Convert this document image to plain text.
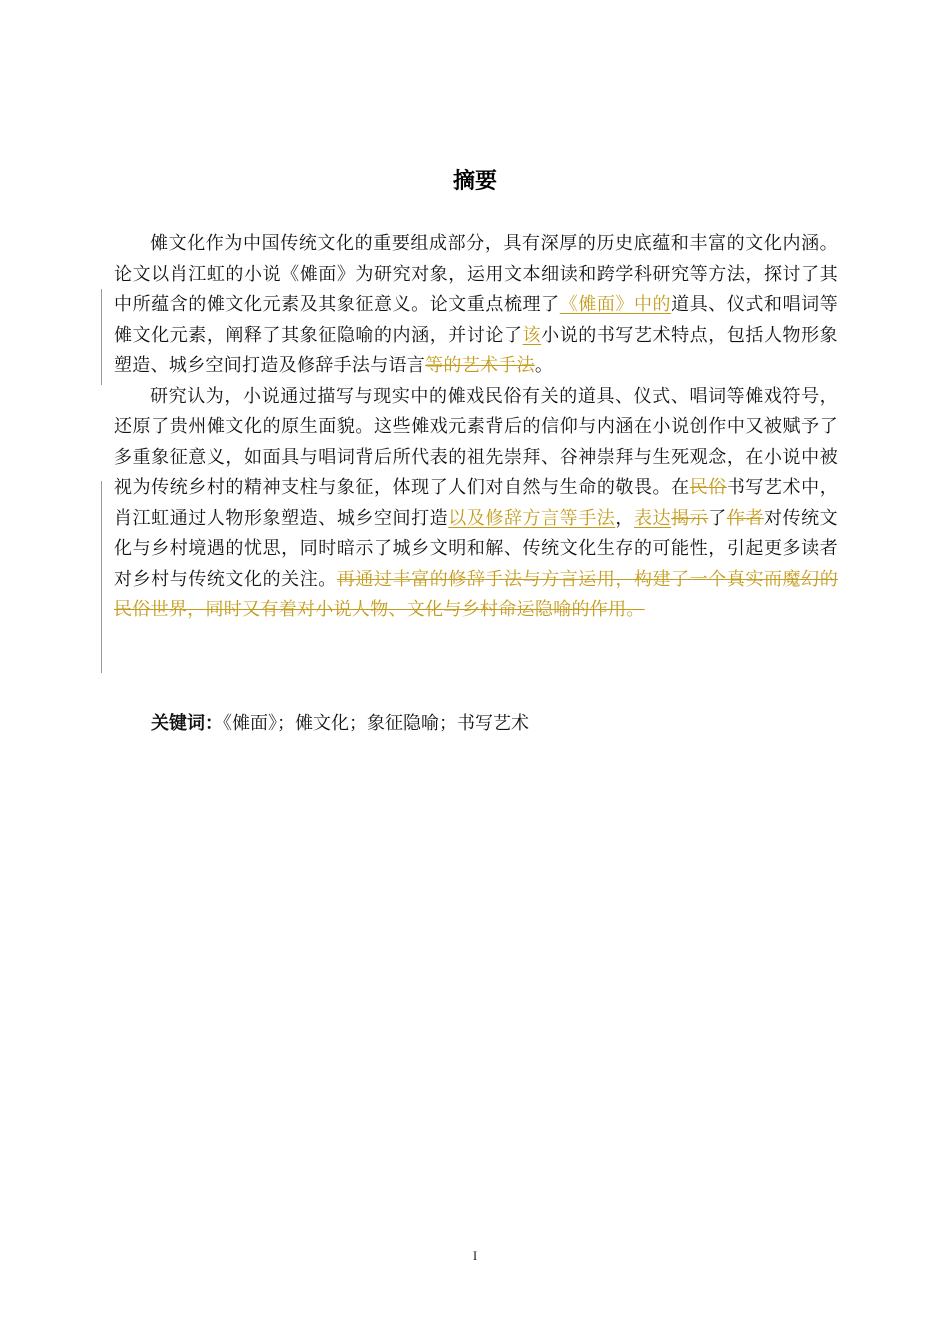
摘要

傩文化作为中国传统文化的重要组成部分，具有深厚的历史底蕴和丰富的文化内涵。论文以肖江虹的小说《傩面》为研究对象，运用文本细读和跨学科研究等方法，探讨了其中所蕴含的傩文化元素及其象征意义。论文重点梳理了《傩面》中的道具、仪式和唱词等傩文化元素，阐释了其象征隐喻的内涵，并讨论了该小说的书写艺术特点，包括人物形象塑造、城乡空间打造及修辞手法与语言等的艺术手法。

研究认为，小说通过描写与现实中的傩戏民俗有关的道具、仪式、唱词等傩戏符号，还原了贵州傩文化的原生面貌。这些傩戏元素背后的信仰与内涵在小说创作中又被赋予了多重象征意义，如面具与唱词背后所代表的祖先崇拜、谷神崇拜与生死观念，在小说中被视为传统乡村的精神支柱与象征，体现了人们对自然与生命的敬畏。在民俗书写艺术中，肖江虹通过人物形象塑造、城乡空间打造以及修辞方言等手法，表达揭示了作者对传统文化与乡村境遇的忧思，同时暗示了城乡文明和解、传统文化生存的可能性，引起更多读者对乡村与传统文化的关注。再通过丰富的修辞手法与方言运用，构建了一个真实而魔幻的民俗世界，同时又有着对小说人物、文化与乡村命运隐喻的作用。

关键词：《傩面》；傩文化；象征隐喻；书写艺术
I
